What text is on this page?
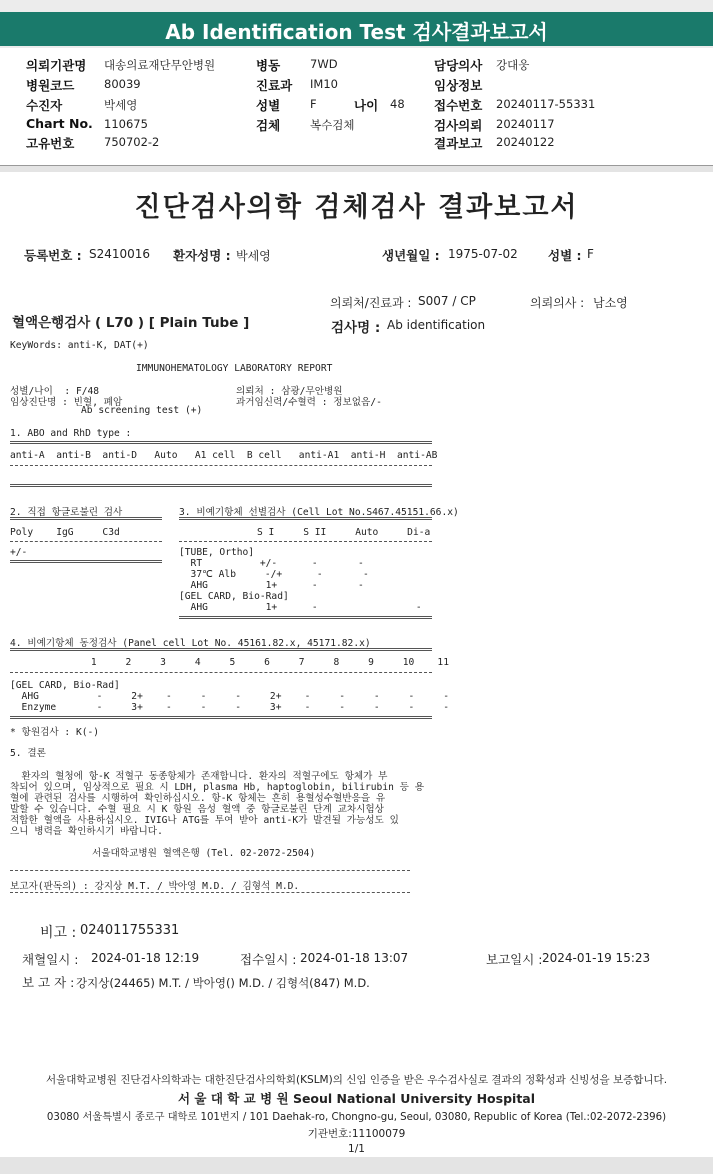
Ab Identification Test 검사결과보고서
의뢰기관명 대송의료재단무안병원
병원코드	80039
수진자	박세영
Chart No. 110675
고유번호	750702-2
병동	7WD
진료과 IM10
성별	F	나이 48
검체	복수검체
담당의사 강대웅
임상정보
접수번호 20240117-55331
검사의뢰 20240117
결과보고 20240122
진단검사의학 검체검사 결과보고서
등록번호 : S2410016 환자성명 : 박세영	생년월일 : 1975-07-02 성별 : F
의뢰처/진료과 : S007 / CP	의뢰의사 : 남소영
혈액은행검사 ( L70 ) [ Plain Tube ]	검사명 : Ab identification
KeyWords: anti-K, DAT(+)
IMMUNOHEMATOLOGY LABORATORY REPORT
성별/나이  : F/48	의뢰처 : 삼광/무안병원
임상진단명 : 빈혈, 폐암	과거임신력/수혈력 : 정보없음/-
Ab screening test (+)
1. ABO and RhD type :
anti-A  anti-B  anti-D   Auto   A1 cell  B cell   anti-A1  anti-H  anti-AB
2. 직접 항글로불린 검사
Poly    IgG     C3d
+/-
3. 비예기항체 선별검사 (Cell Lot No.S467.45151.66.x)
S I     S II     Auto     Di-a
[TUBE, Ortho]
RT          +/-      -       -
37℃ Alb     -/+      -       -
AHG          1+      -       -
[GEL CARD, Bio-Rad]
AHG          1+      -                 -
4. 비예기항체 동정검사 (Panel cell Lot No. 45161.82.x, 45171.82.x)
1     2     3     4     5     6     7     8     9     10    11
[GEL CARD, Bio-Rad]
AHG          -     2+    -     -     -     2+    -     -     -     -     -
Enzyme       -     3+    -     -     -     3+    -     -     -     -     -
* 항원검사 : K(-)
5. 결론
환자의 혈청에 항-K 적혈구 동종항체가 존재합니다. 환자의 적혈구에도 항체가 부
착되어 있으며, 임상적으로 필요 시 LDH, plasma Hb, haptoglobin, bilirubin 등 용
혈에 관련된 검사를 시행하여 확인하십시오. 항-K 항체는 흔히 용혈성수혈반응을 유
발할 수 있습니다. 수혈 필요 시 K 항원 음성 혈액 중 항글로불린 단계 교차시험상
적합한 혈액을 사용하십시오. IVIG나 ATG를 투여 받아 anti-K가 발견될 가능성도 있
으니 병력을 확인하시기 바랍니다.
서울대학교병원 혈액은행 (Tel. 02-2072-2504)
보고자(판독의) : 강지상 M.T. / 박아영 M.D. / 김형석 M.D.
비고 : 024011755331
채혈일시 : 2024-01-18 12:19	접수일시 : 2024-01-18 13:07	보고일시 : 2024-01-19 15:23
보 고 자 : 강지상(24465) M.T. / 박아영() M.D. / 김형석(847) M.D.
서울대학교병원 진단검사의학과는 대한진단검사의학회(KSLM)의 신임 인증을 받은 우수검사실로 결과의 정확성과 신빙성을 보증합니다.
서 울 대 학 교 병 원 Seoul National University Hospital
03080 서울특별시 종로구 대학로 101번지 / 101 Daehak-ro, Chongno-gu, Seoul, 03080, Republic of Korea (Tel.:02-2072-2396)
기관번호:11100079
1/1
